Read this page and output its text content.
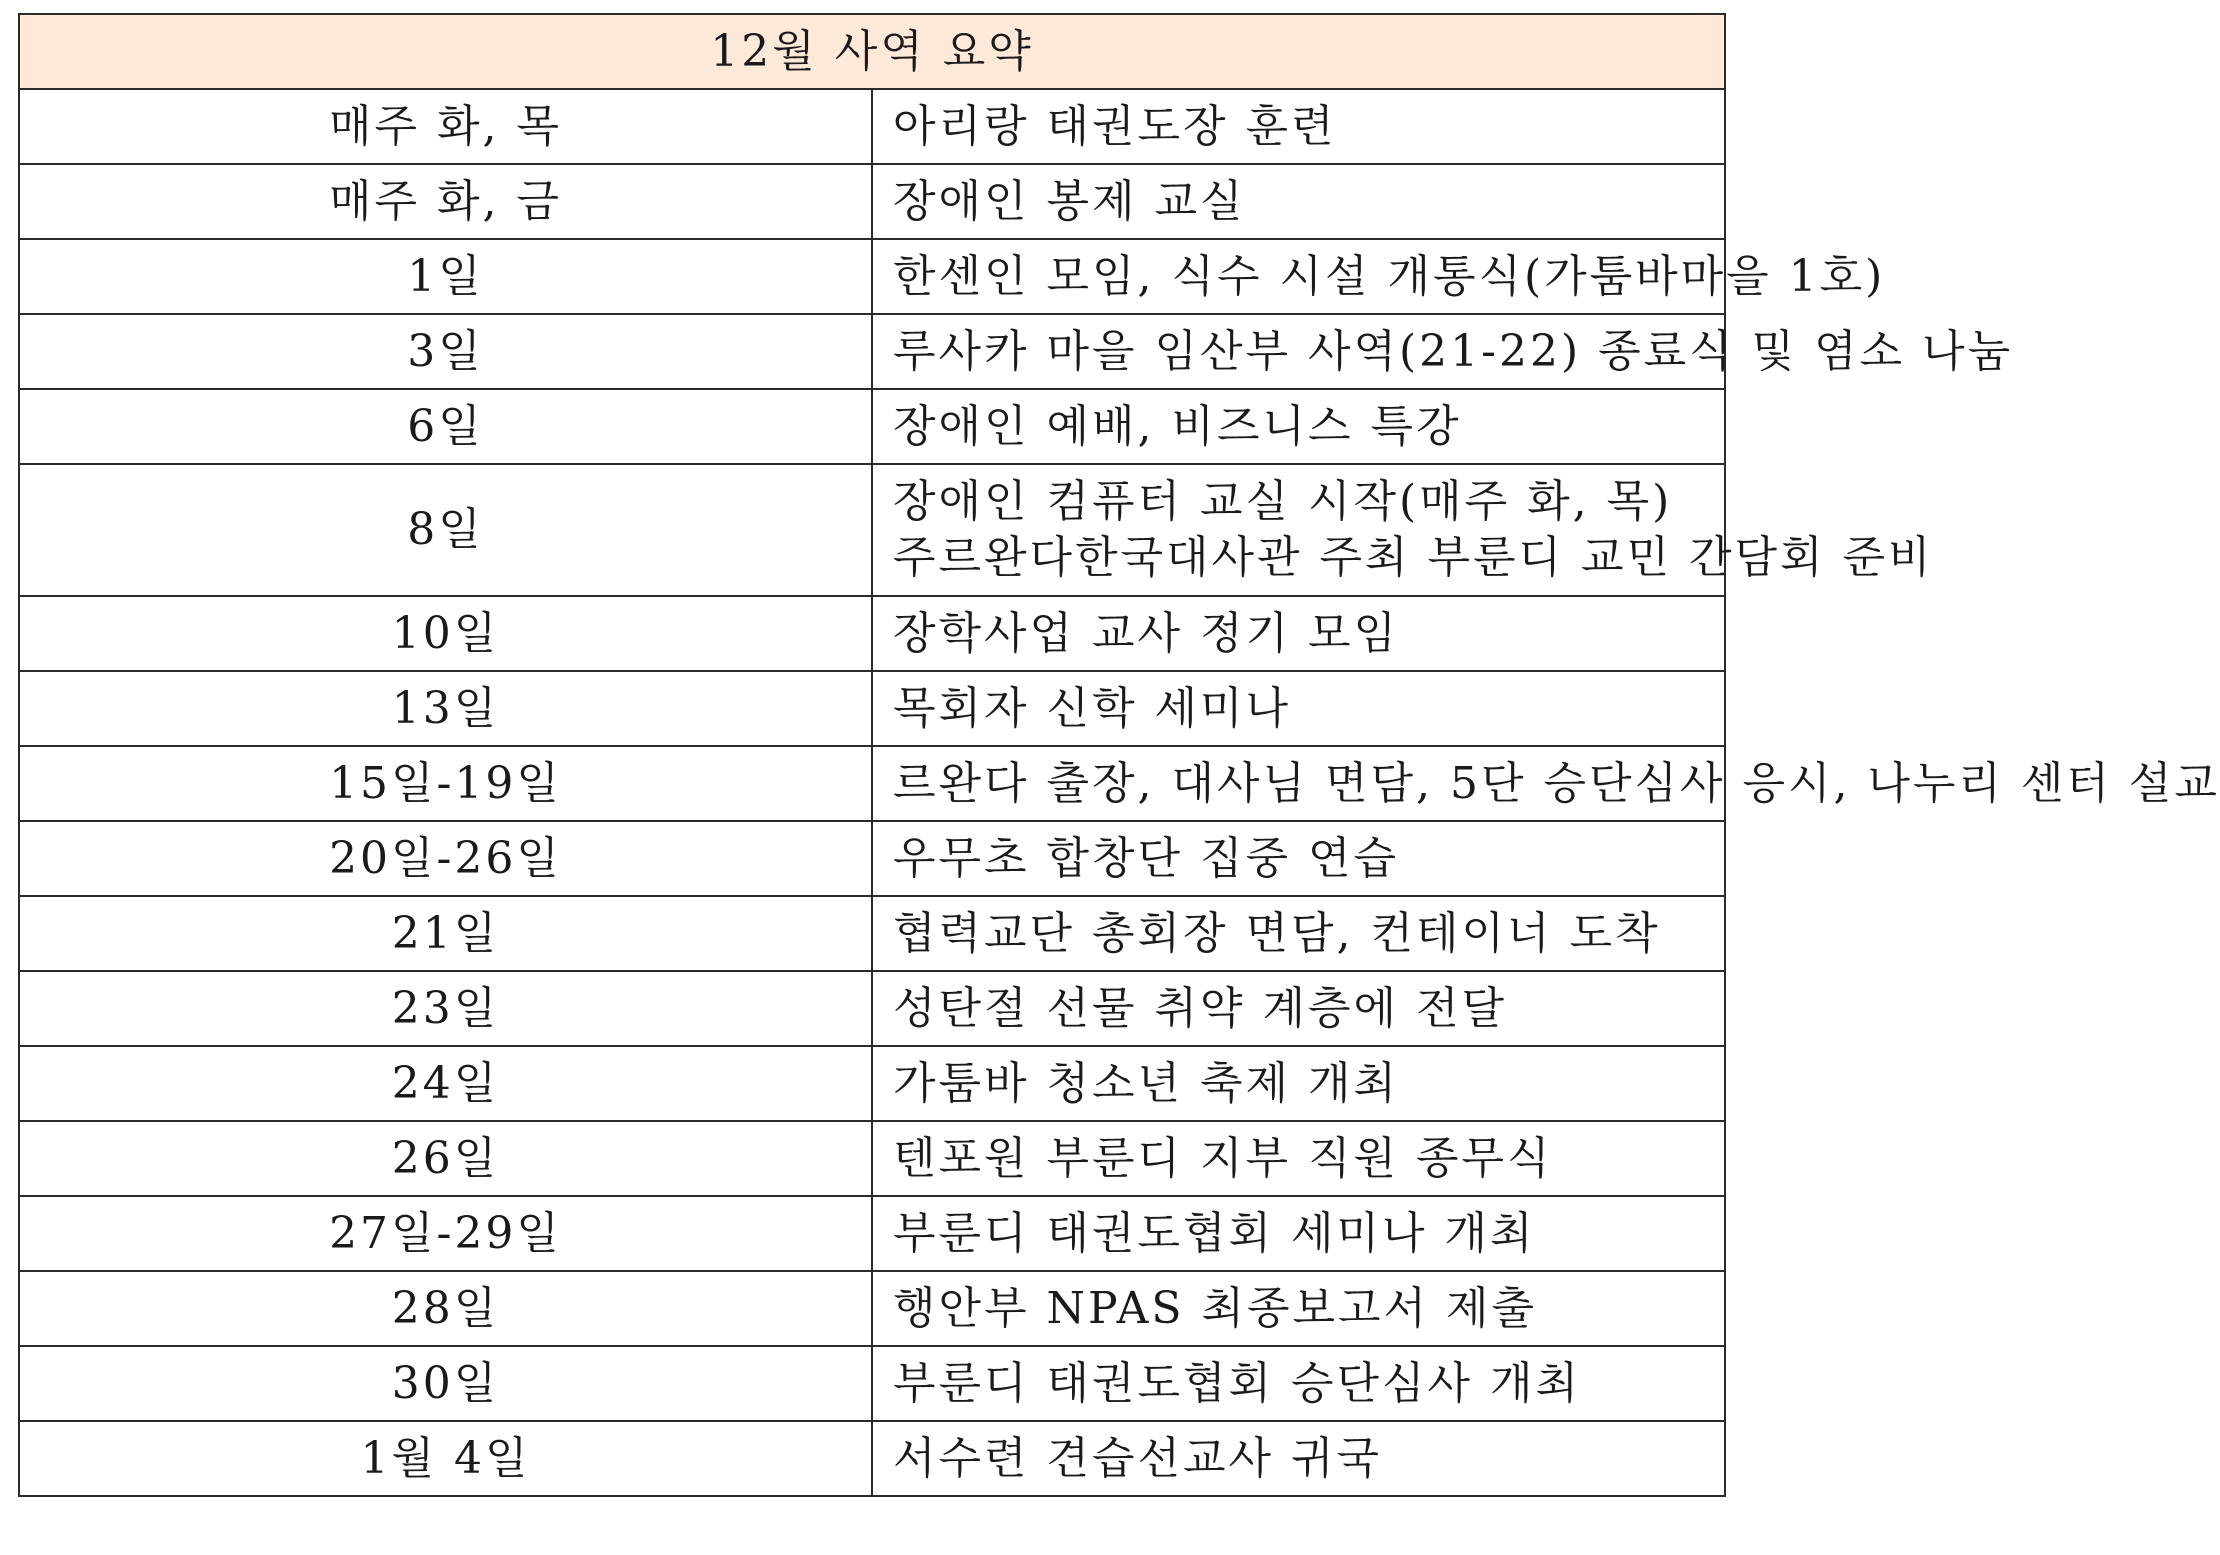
12월 사역 요약	
매주 화, 목	아리랑 태권도장 훈련

매주 화, 금	장애인 봉제 교실

1일	한센인 모임, 식수 시설 개통식(가툼바마을 1호)

3일	루사카 마을 임산부 사역(21-22) 종료식 및 염소 나눔

6일	장애인 예배, 비즈니스 특강

8일	장애인 컴퓨터 교실 시작(매주 화, 목)
주르완다한국대사관 주최 부룬디 교민 간담회 준비

10일	장학사업 교사 정기 모임

13일	목회자 신학 세미나

15일-19일	르완다 출장, 대사님 면담, 5단 승단심사 응시, 나누리 센터 설교

20일-26일	우무초 합창단 집중 연습

21일	협력교단 총회장 면담, 컨테이너 도착

23일	성탄절 선물 취약 계층에 전달

24일	가툼바 청소년 축제 개최

26일	텐포원 부룬디 지부 직원 종무식

27일-29일	부룬디 태권도협회 세미나 개최

28일	행안부 NPAS 최종보고서 제출

30일	부룬디 태권도협회 승단심사 개최

1월 4일	서수련 견습선교사 귀국
